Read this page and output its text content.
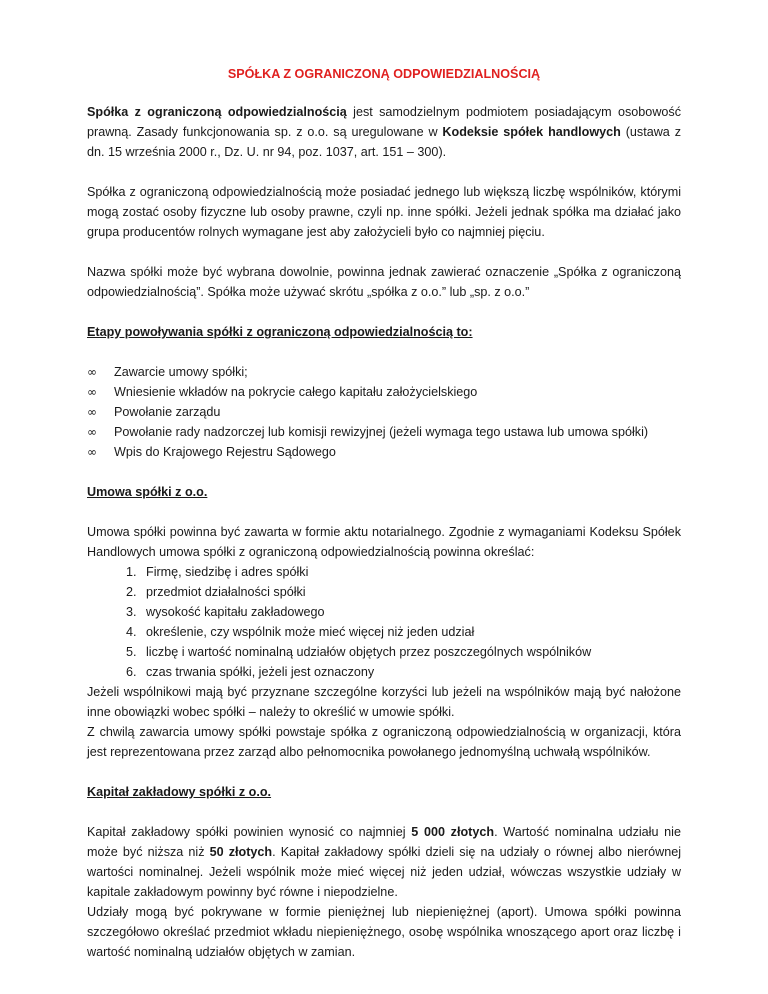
SPÓŁKA Z OGRANICZONĄ ODPOWIEDZIALNOŚCIĄ

Spółka z ograniczoną odpowiedzialnością jest samodzielnym podmiotem posiadającym osobowość prawną. Zasady funkcjonowania sp. z o.o. są uregulowane w Kodeksie spółek handlowych (ustawa z dn. 15 września 2000 r., Dz. U. nr 94, poz. 1037, art. 151 – 300).

Spółka z ograniczoną odpowiedzialnością może posiadać jednego lub większą liczbę wspólników, którymi mogą zostać osoby fizyczne lub osoby prawne, czyli np. inne spółki. Jeżeli jednak spółka ma działać jako grupa producentów rolnych wymagane jest aby założycieli było co najmniej pięciu.

Nazwa spółki może być wybrana dowolnie, powinna jednak zawierać oznaczenie „Spółka z ograniczoną odpowiedzialnością”. Spółka może używać skrótu „spółka z o.o.” lub „sp. z o.o.”

Etapy powoływania spółki z ograniczoną odpowiedzialnością to:
∞ Zawarcie umowy spółki;
∞ Wniesienie wkładów na pokrycie całego kapitału założycielskiego
∞ Powołanie zarządu
∞ Powołanie rady nadzorczej lub komisji rewizyjnej (jeżeli wymaga tego ustawa lub umowa spółki)
∞ Wpis do Krajowego Rejestru Sądowego
Umowa spółki z o.o.

Umowa spółki powinna być zawarta w formie aktu notarialnego. Zgodnie z wymaganiami Kodeksu Spółek Handlowych umowa spółki z ograniczoną odpowiedzialnością powinna określać:

1. Firmę, siedzibę i adres spółki
2. przedmiot działalności spółki
3. wysokość kapitału zakładowego
4. określenie, czy wspólnik może mieć więcej niż jeden udział
5. liczbę i wartość nominalną udziałów objętych przez poszczególnych wspólników
6. czas trwania spółki, jeżeli jest oznaczony

Jeżeli wspólnikowi mają być przyznane szczególne korzyści lub jeżeli na wspólników mają być nałożone inne obowiązki wobec spółki – należy to określić w umowie spółki.

Z chwilą zawarcia umowy spółki powstaje spółka z ograniczoną odpowiedzialnością w organizacji, która jest reprezentowana przez zarząd albo pełnomocnika powołanego jednomyślną uchwałą wspólników.

Kapitał zakładowy spółki z o.o.

Kapitał zakładowy spółki powinien wynosić co najmniej 5 000 złotych. Wartość nominalna udziału nie może być niższa niż 50 złotych. Kapitał zakładowy spółki dzieli się na udziały o równej albo nierównej wartości nominalnej. Jeżeli wspólnik może mieć więcej niż jeden udział, wówczas wszystkie udziały w kapitale zakładowym powinny być równe i niepodzielne.

Udziały mogą być pokrywane w formie pieniężnej lub niepieniężnej (aport). Umowa spółki powinna szczegółowo określać przedmiot wkładu niepieniężnego, osobę wspólnika wnoszącego aport oraz liczbę i wartość nominalną udziałów objętych w zamian.
